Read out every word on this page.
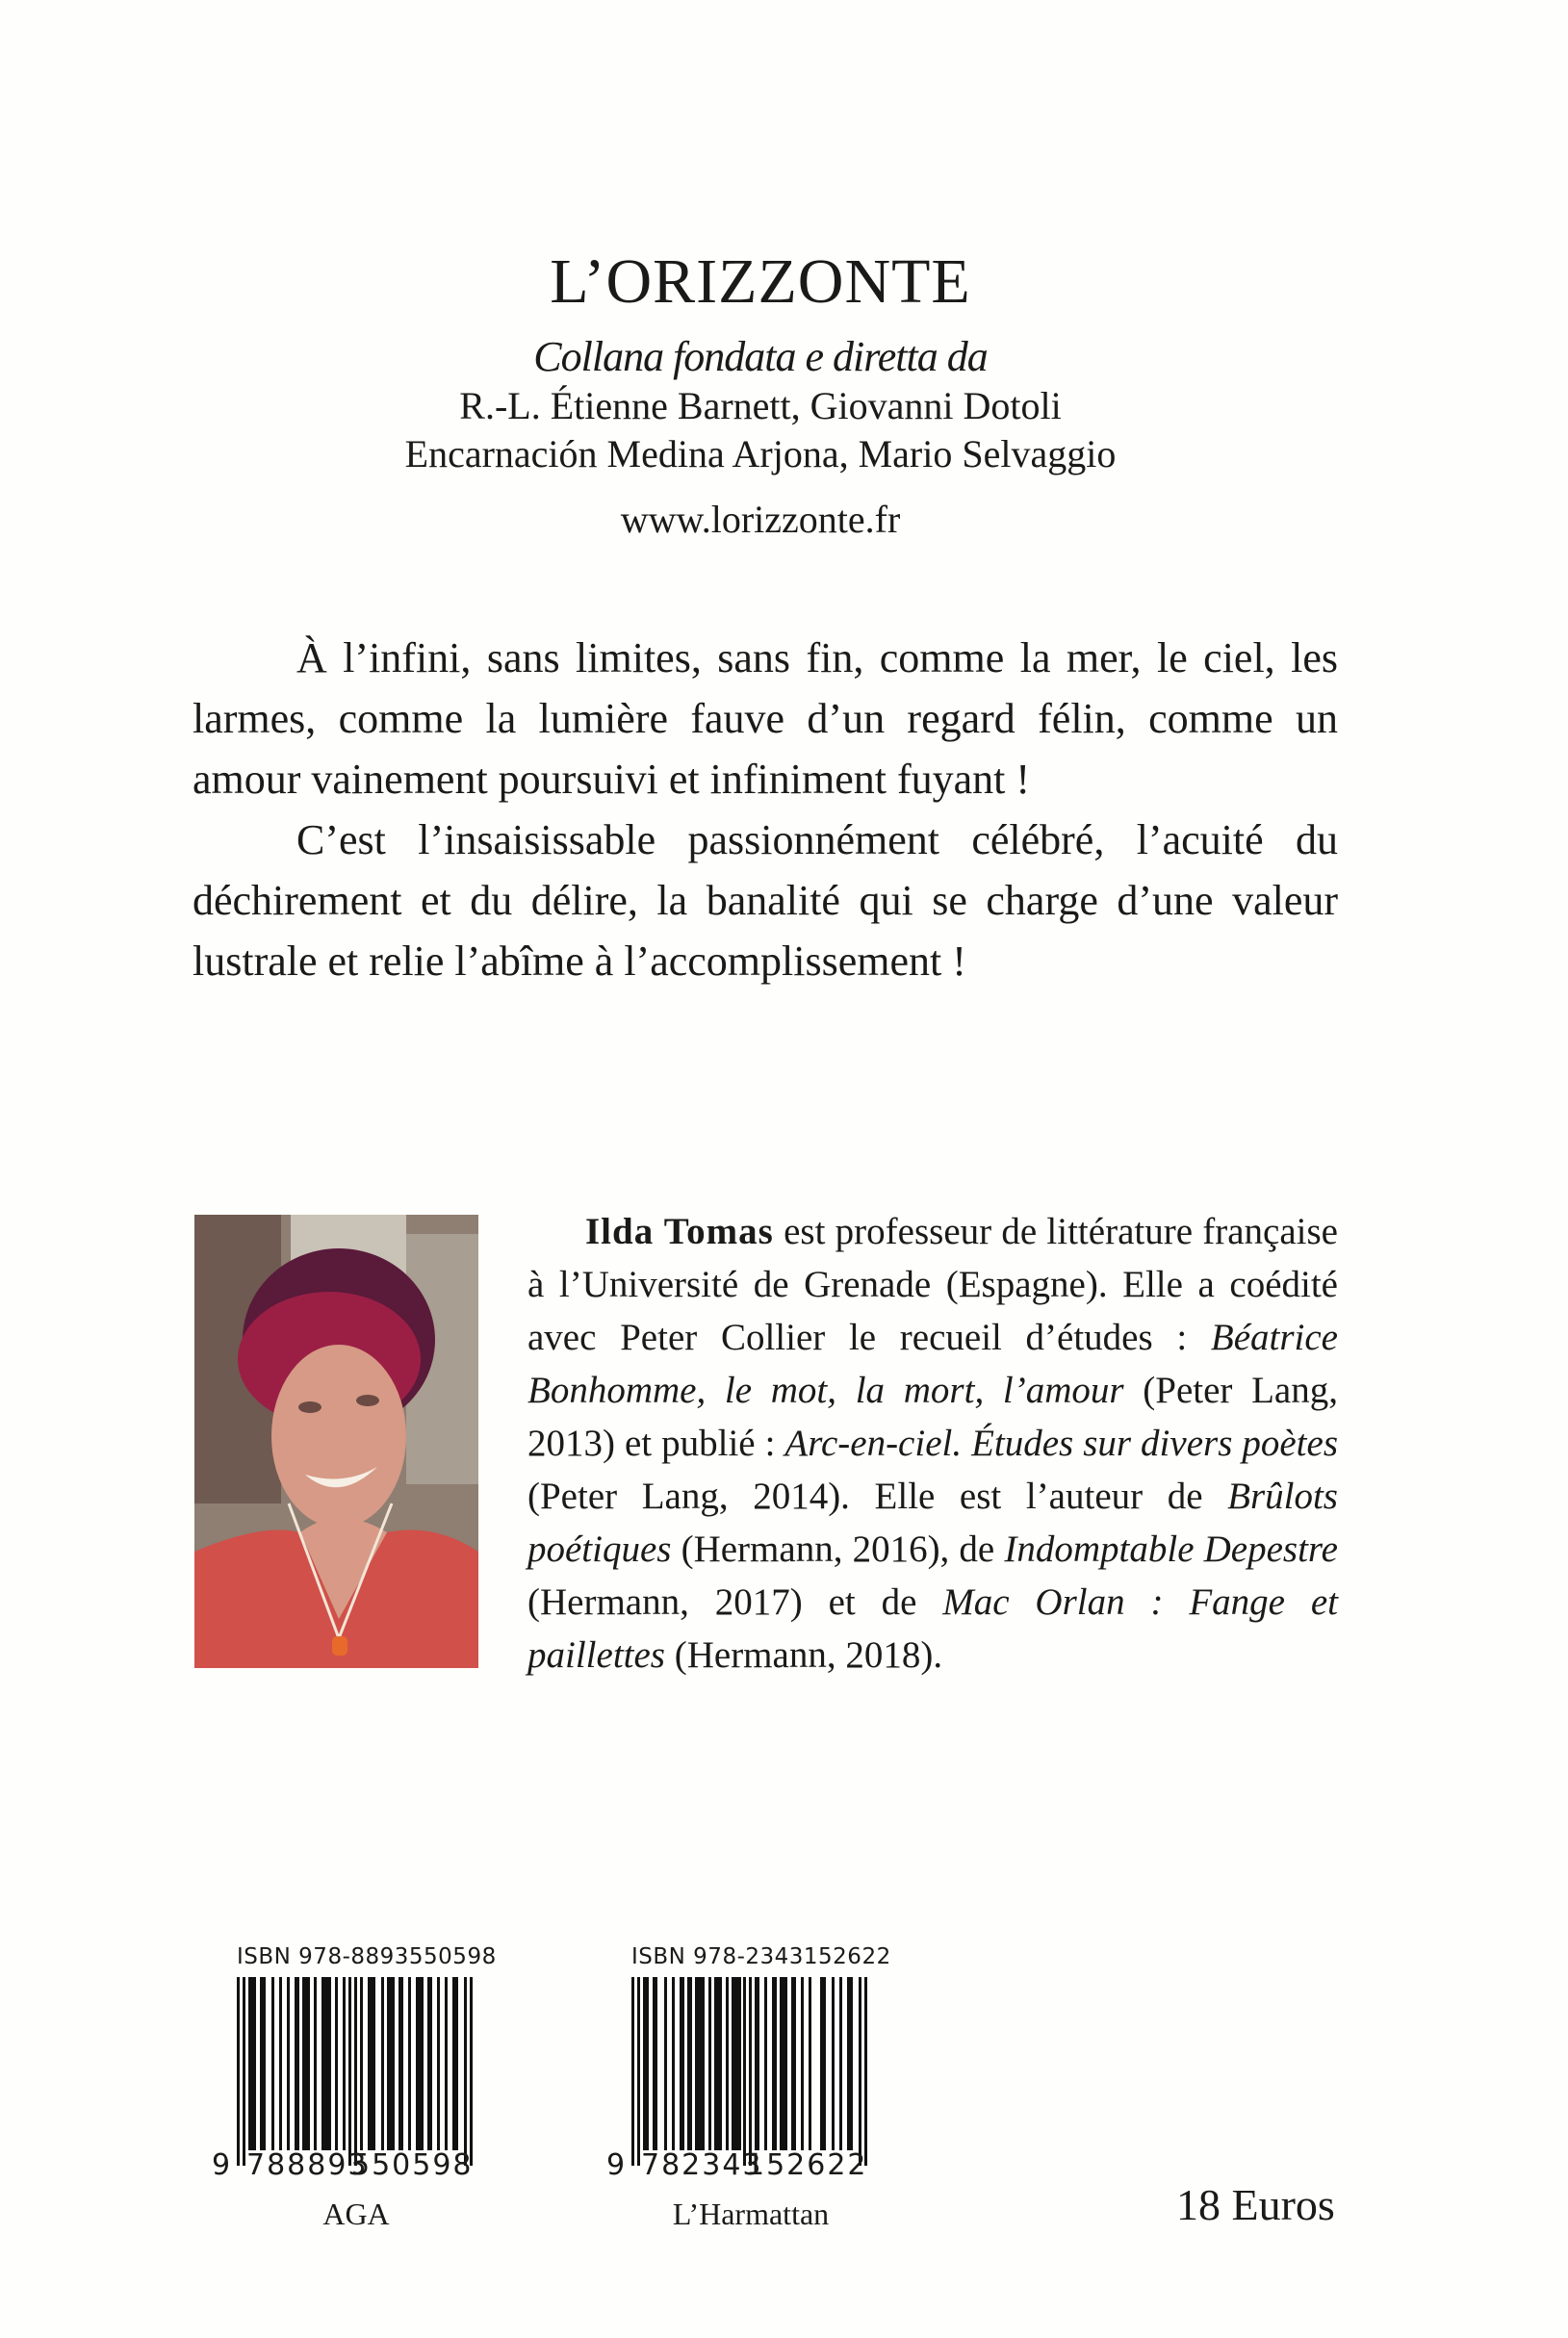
L’ORIZZONTE
Collana fondata e diretta da
R.-L. Étienne Barnett, Giovanni Dotoli
Encarnación Medina Arjona, Mario Selvaggio
www.lorizzonte.fr

À l’infini, sans limites, sans fin, comme la mer, le ciel, les larmes, comme la lumière fauve d’un regard félin, comme un amour vainement poursuivi et infiniment fuyant !

C’est l’insaisissable passionnément célébré, l’acuité du déchirement et du délire, la banalité qui se charge d’une valeur lustrale et relie l’abîme à l’accomplissement !

Ilda Tomas est professeur de littérature française à l’Université de Grenade (Espagne). Elle a coédité avec Peter Collier le recueil d’études : Béatrice Bonhomme, le mot, la mort, l’amour (Peter Lang, 2013) et publié : Arc-en-ciel. Études sur divers poètes (Peter Lang, 2014). Elle est l’auteur de Brûlots poétiques (Hermann, 2016), de Indomptable Depestre (Hermann, 2017) et de Mac Orlan : Fange et paillettes (Hermann, 2018).

ISBN 978-8893550598
9 788893
550598
AGA
ISBN 978-2343152622
9 782343
152622
L’Harmattan	18 Euros
